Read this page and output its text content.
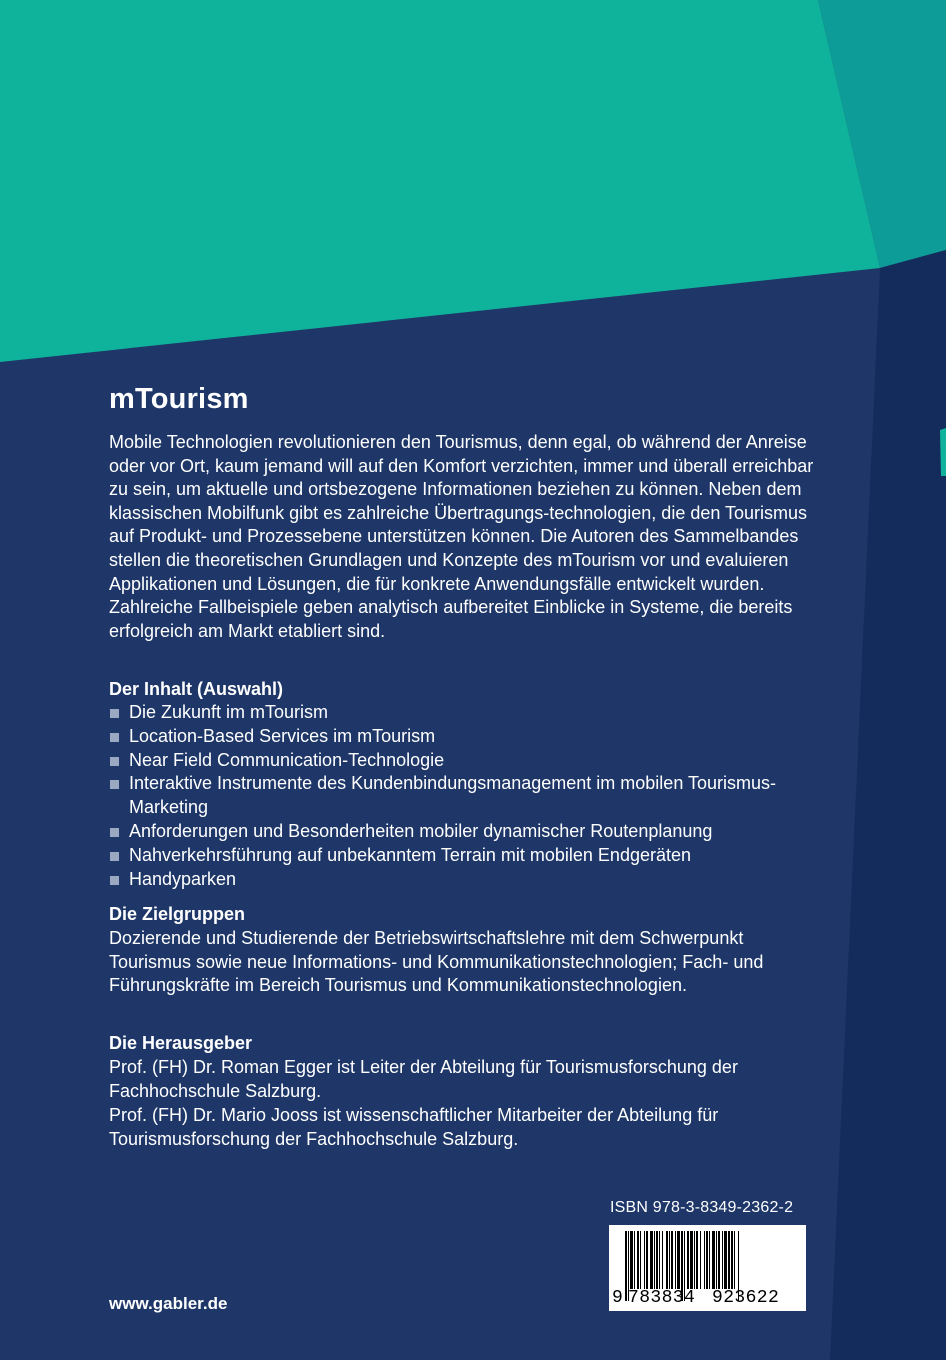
mTourism

Mobile Technologien revolutionieren den Tourismus, denn egal, ob während der Anreise oder vor Ort, kaum jemand will auf den Komfort verzichten, immer und überall erreichbar zu sein, um aktuelle und ortsbezogene Informationen beziehen zu können. Neben dem klassischen Mobilfunk gibt es zahlreiche Übertragungs-technologien, die den Tourismus auf Produkt- und Prozessebene unterstützen können. Die Autoren des Sammelbandes stellen die theoretischen Grundlagen und Konzepte des mTourism vor und evaluieren Applikationen und Lösungen, die für konkrete Anwendungsfälle entwickelt wurden. Zahlreiche Fallbeispiele geben analytisch aufbereitet Einblicke in Systeme, die bereits erfolgreich am Markt etabliert sind.

Der Inhalt (Auswahl)
Die Zukunft im mTourism
Location-Based Services im mTourism
Near Field Communication-Technologie
Interaktive Instrumente des Kundenbindungsmanagement im mobilen Tourismus-Marketing
Anforderungen und Besonderheiten mobiler dynamischer Routenplanung
Nahverkehrsführung auf unbekanntem Terrain mit mobilen Endgeräten
Handyparken
Die Zielgruppen

Dozierende und Studierende der Betriebswirtschaftslehre mit dem Schwerpunkt Tourismus sowie neue Informations- und Kommunikationstechnologien; Fach- und Führungskräfte im Bereich Tourismus und Kommunikationstechnologien.

Die Herausgeber

Prof. (FH) Dr. Roman Egger ist Leiter der Abteilung für Tourismusforschung der Fachhochschule Salzburg.

Prof. (FH) Dr. Mario Jooss ist wissenschaftlicher Mitarbeiter der Abteilung für Tourismusforschung der Fachhochschule Salzburg.

ISBN 978-3-8349-2362-2
9 783834 923622
www.gabler.de
